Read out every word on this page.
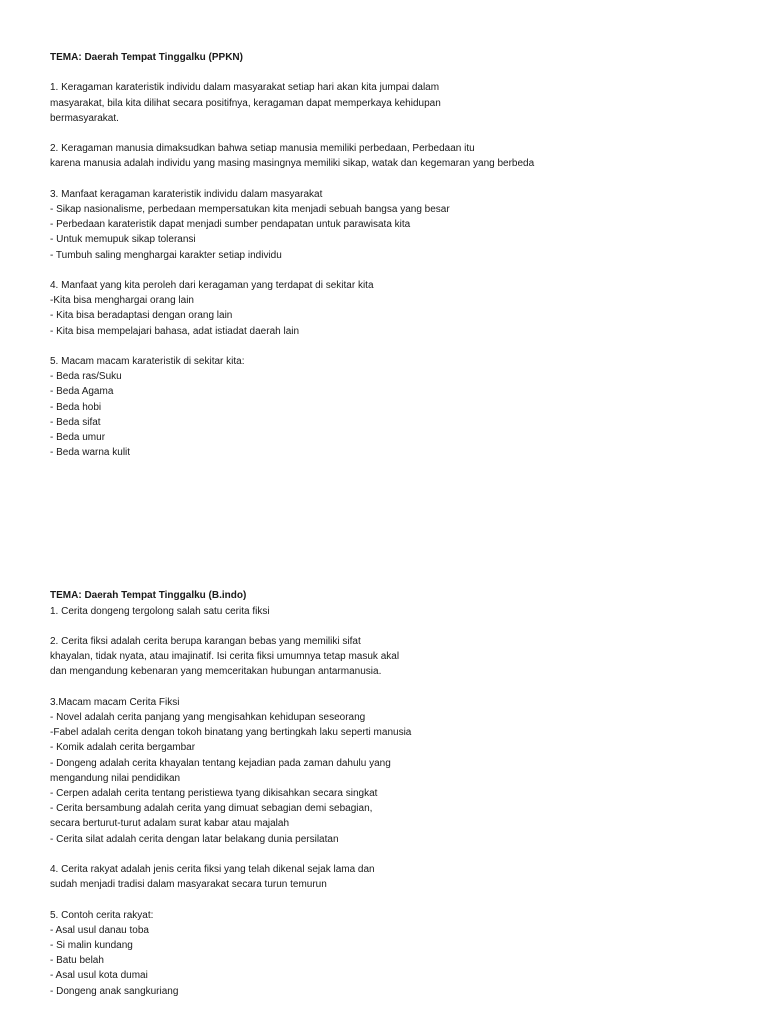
TEMA: Daerah Tempat Tinggalku (PPKN)
1. Keragaman karateristik individu dalam masyarakat setiap hari akan kita jumpai dalam
masyarakat, bila kita dilihat secara positifnya, keragaman dapat memperkaya kehidupan
bermasyarakat.
2. Keragaman manusia dimaksudkan bahwa setiap manusia memiliki perbedaan, Perbedaan itu
karena manusia adalah individu yang masing masingnya memiliki sikap, watak dan kegemaran yang berbeda
3. Manfaat keragaman karateristik individu dalam masyarakat
- Sikap nasionalisme, perbedaan mempersatukan kita menjadi sebuah bangsa yang besar
- Perbedaan karateristik dapat menjadi sumber pendapatan untuk parawisata kita
- Untuk memupuk sikap toleransi
- Tumbuh saling menghargai karakter setiap individu
4. Manfaat yang kita peroleh dari keragaman yang terdapat di sekitar kita
-Kita bisa menghargai orang lain
- Kita bisa beradaptasi dengan orang lain
- Kita bisa mempelajari bahasa, adat istiadat daerah lain
5. Macam macam karateristik di sekitar kita:
- Beda ras/Suku
- Beda Agama
- Beda hobi
- Beda sifat
- Beda umur
- Beda warna kulit
TEMA: Daerah Tempat Tinggalku (B.indo)
1. Cerita dongeng tergolong salah satu cerita fiksi
2. Cerita fiksi adalah cerita berupa karangan bebas yang memiliki sifat
khayalan, tidak nyata, atau imajinatif. Isi cerita fiksi umumnya tetap masuk akal
dan mengandung kebenaran yang memceritakan hubungan antarmanusia.
3.Macam macam Cerita Fiksi
- Novel adalah cerita panjang yang mengisahkan kehidupan seseorang
-Fabel adalah cerita dengan tokoh binatang yang bertingkah laku seperti manusia
- Komik adalah cerita bergambar
- Dongeng adalah cerita khayalan tentang kejadian pada zaman dahulu yang
mengandung nilai pendidikan
- Cerpen adalah cerita tentang peristiewa tyang dikisahkan secara singkat
- Cerita bersambung adalah cerita yang dimuat sebagian demi sebagian,
secara berturut-turut adalam surat kabar atau majalah
- Cerita silat adalah cerita dengan latar belakang dunia persilatan
4. Cerita rakyat adalah jenis cerita fiksi yang telah dikenal sejak lama dan
sudah menjadi tradisi dalam masyarakat secara turun temurun
5. Contoh cerita rakyat:
- Asal usul danau toba
- Si malin kundang
- Batu belah
- Asal usul kota dumai
- Dongeng anak sangkuriang
